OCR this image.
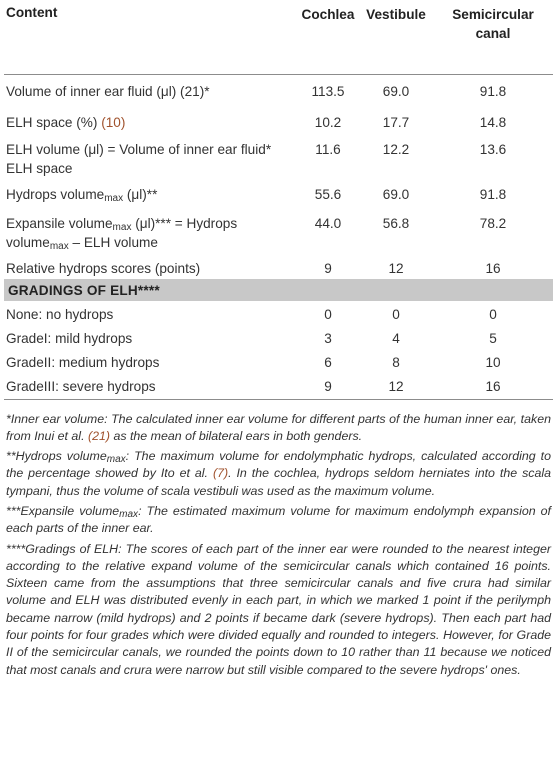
Content	Cochlea	Vestibule	Semicircular
canal
Volume of inner ear fluid (μl) (21)*	113.5	69.0	91.8
ELH space (%) (10)	10.2	17.7	14.8
ELH volume (μl) = Volume of inner ear fluid* ELH space	11.6	12.2	13.6
Hydrops volume$_{max}$ (μl)**	55.6	69.0	91.8
Expansile volume$_{max}$ (μl)*** = Hydrops volume$_{max}$ – ELH volume	44.0	56.8	78.2
Relative hydrops scores (points)	9	12	16
GRADINGS OF ELH****			
None: no hydrops	0	0	0
GradeI: mild hydrops	3	4	5
GradeII: medium hydrops	6	8	10
GradeIII: severe hydrops	9	12	16

*Inner ear volume: The calculated inner ear volume for different parts of the human inner ear, taken from Inui et al. (21) as the mean of bilateral ears in both genders.

**Hydrops volume$_{max}$: The maximum volume for endolymphatic hydrops, calculated according to the percentage showed by Ito et al. (7). In the cochlea, hydrops seldom herniates into the scala tympani, thus the volume of scala vestibuli was used as the maximum volume.

***Expansile volume$_{max}$: The estimated maximum volume for maximum endolymph expansion of each parts of the inner ear.

****Gradings of ELH: The scores of each part of the inner ear were rounded to the nearest integer according to the relative expand volume of the semicircular canals which contained 16 points. Sixteen came from the assumptions that three semicircular canals and five crura had similar volume and ELH was distributed evenly in each part, in which we marked 1 point if the perilymph became narrow (mild hydrops) and 2 points if became dark (severe hydrops). Then each part had four points for four grades which were divided equally and rounded to integers. However, for Grade II of the semicircular canals, we rounded the points down to 10 rather than 11 because we noticed that most canals and crura were narrow but still visible compared to the severe hydrops' ones.
